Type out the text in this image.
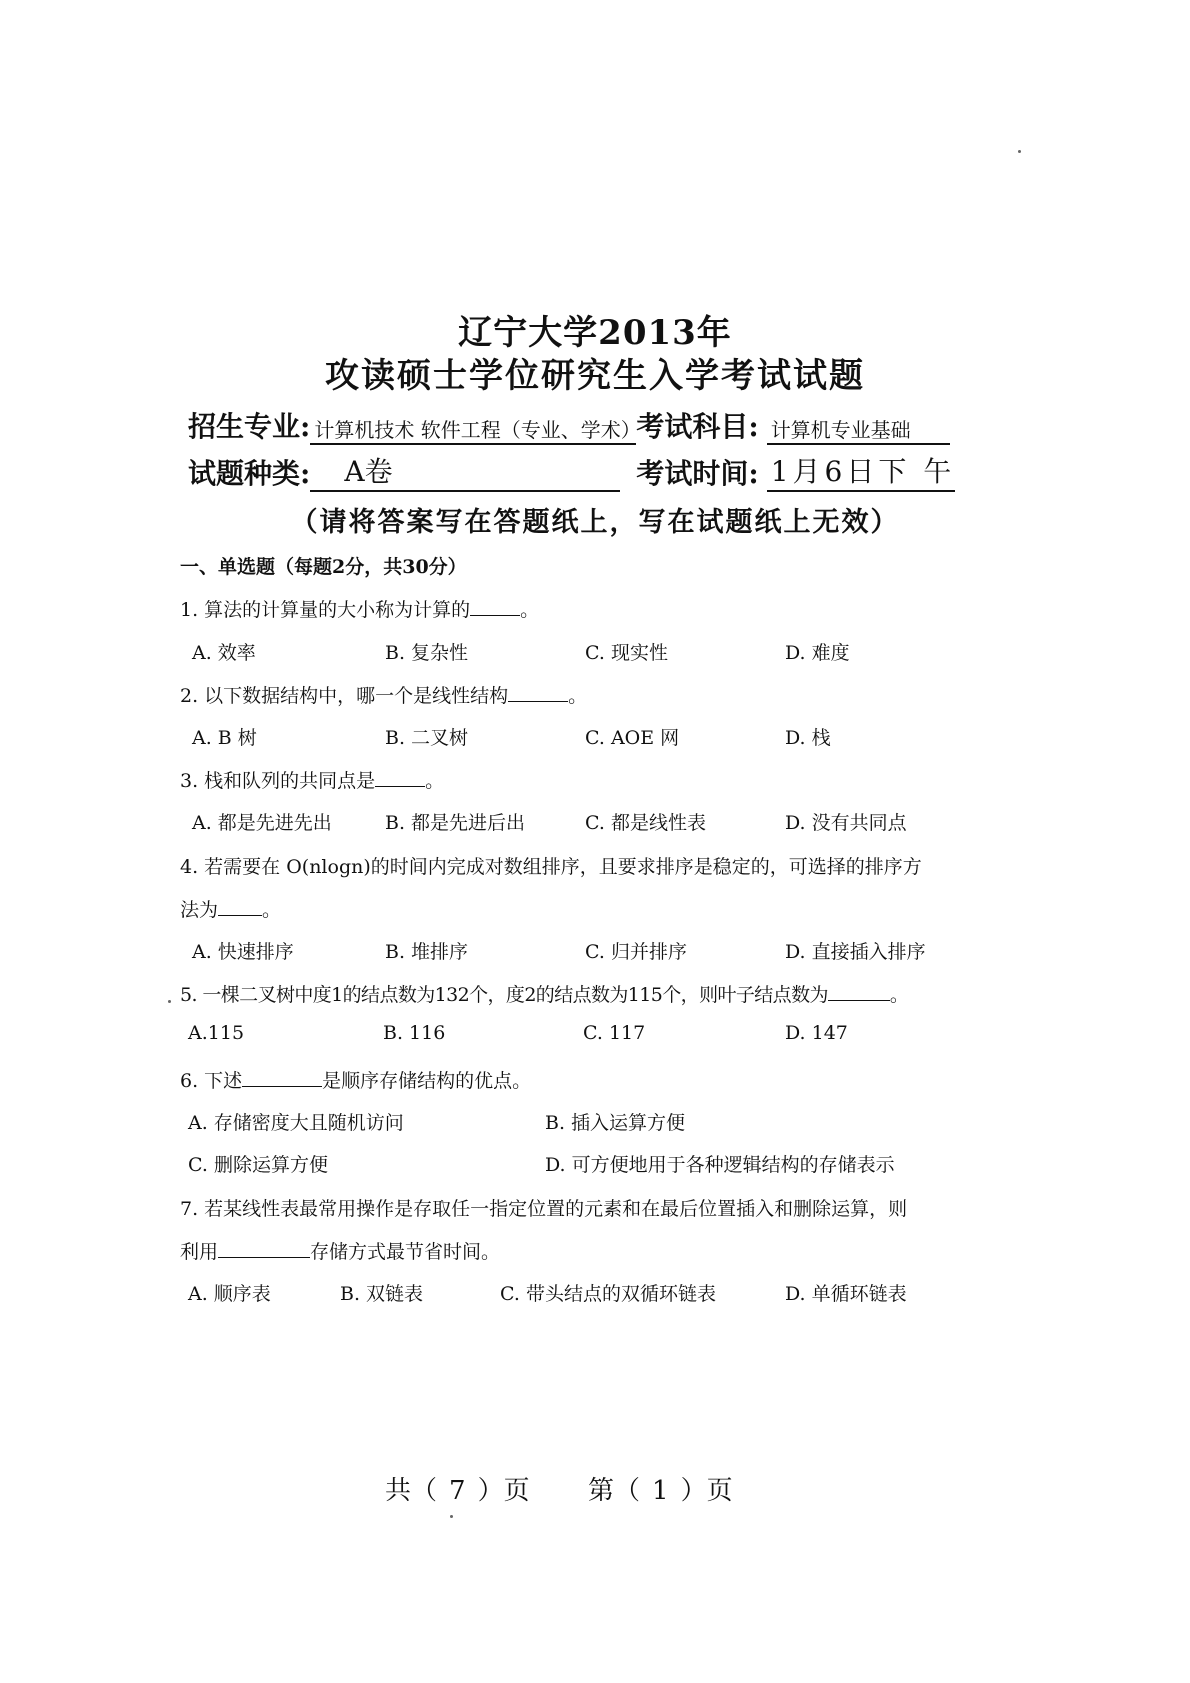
辽宁大学2013年
攻读硕士学位研究生入学考试试题
招生专业: 计算机技术 软件工程（专业、学术）
考试科目: 计算机专业基础
试题种类:	A卷	考试时间: 1月6日下 午
（请将答案写在答题纸上，写在试题纸上无效）
一、单选题（每题2分，共30分）
1. 算法的计算量的大小称为计算的	。
A. 效率	B. 复杂性	C. 现实性	D. 难度
2. 以下数据结构中，哪一个是线性结构	。
A. B 树	B. 二叉树	C. AOE 网	D. 栈
3. 栈和队列的共同点是	。
A. 都是先进先出	B. 都是先进后出	C. 都是线性表	D. 没有共同点
4. 若需要在 O(nlogn)的时间内完成对数组排序，且要求排序是稳定的，可选择的排序方
法为 。
A. 快速排序	B. 堆排序	C. 归并排序	D. 直接插入排序
5. 一棵二叉树中度1的结点数为132个，度2的结点数为115个，则叶子结点数为	。
A.115	B. 116	C. 117	D. 147
6. 下述	是顺序存储结构的优点。
A. 存储密度大且随机访问	B. 插入运算方便
C. 删除运算方便	D. 可方便地用于各种逻辑结构的存储表示
7. 若某线性表最常用操作是存取任一指定位置的元素和在最后位置插入和删除运算，则
利用	存储方式最节省时间。
A. 顺序表	B. 双链表	C. 带头结点的双循环链表	D. 单循环链表
共（ 7 ）页 第（ 1 ）页
